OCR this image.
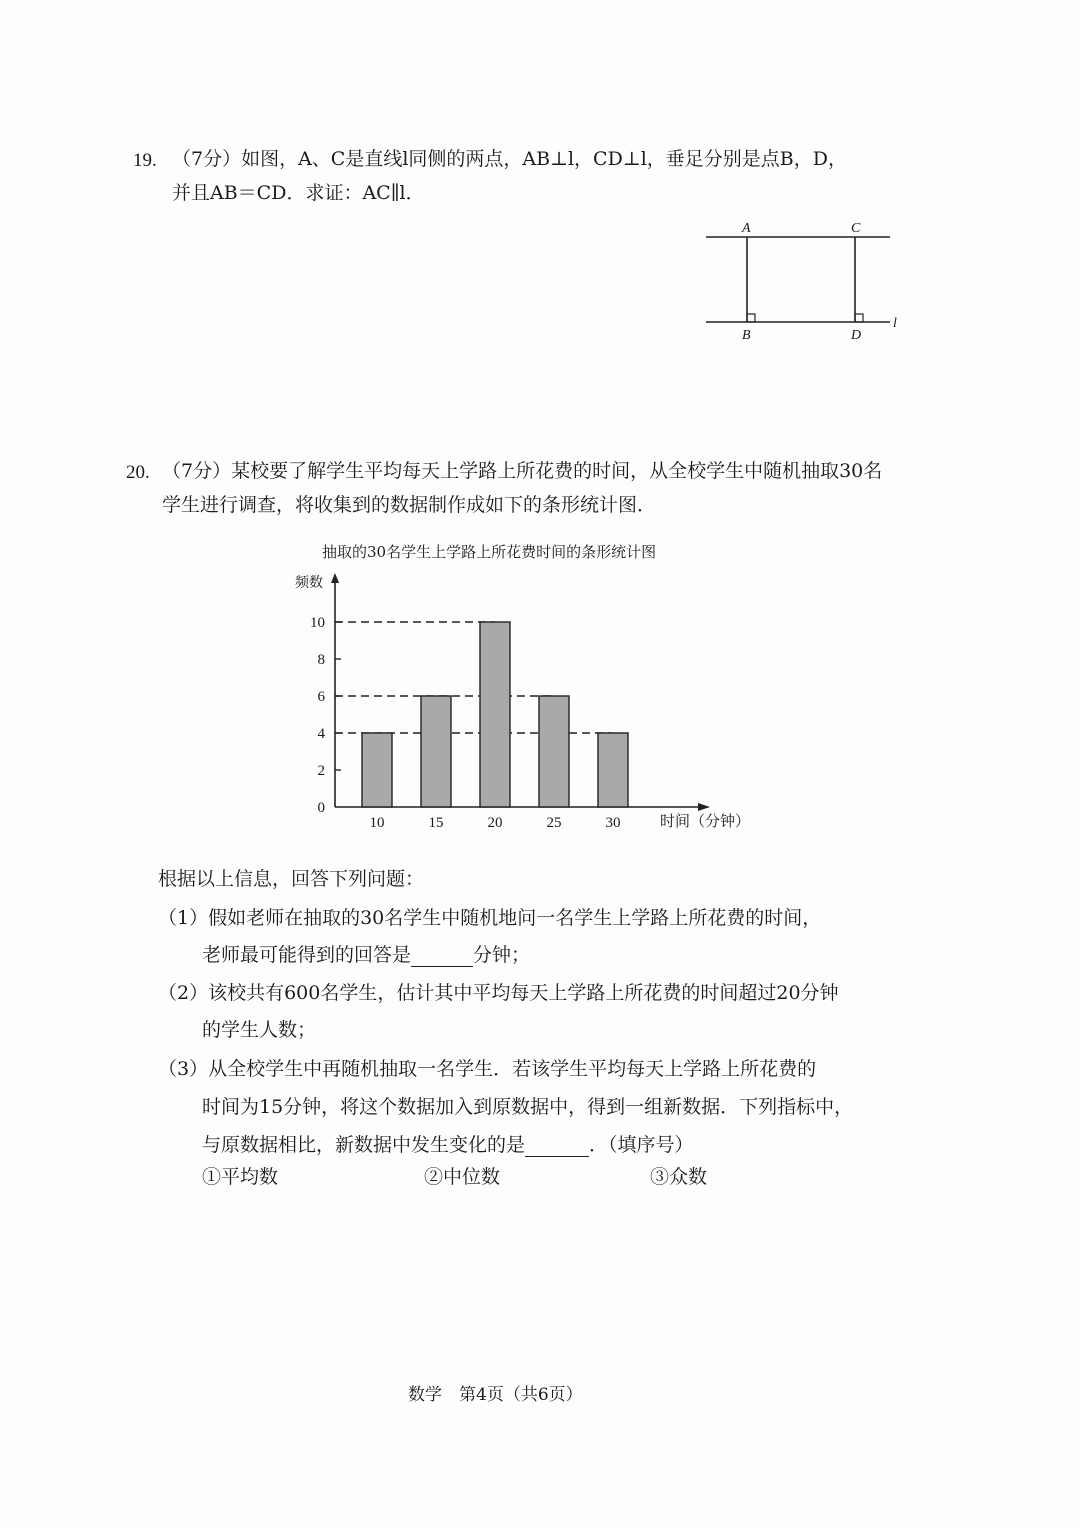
19. （7分）如图，A、C是直线l同侧的两点，AB⊥l，CD⊥l，垂足分别是点B，D，
并且AB＝CD．求证：AC∥l．
A	C
B	D
l
20. （7分）某校要了解学生平均每天上学路上所花费的时间，从全校学生中随机抽取30名
学生进行调查，将收集到的数据制作成如下的条形统计图．
抽取的30名学生上学路上所花费时间的条形统计图
频数
时间（分钟）
0
2
4
6
8
10
10	15	20	25	30
根据以上信息，回答下列问题：
（1）假如老师在抽取的30名学生中随机地问一名学生上学路上所花费的时间，
老师最可能得到的回答是	分钟；
（2）该校共有600名学生，估计其中平均每天上学路上所花费的时间超过20分钟
的学生人数；
（3）从全校学生中再随机抽取一名学生．若该学生平均每天上学路上所花费的
时间为15分钟，将这个数据加入到原数据中，得到一组新数据．下列指标中，
与原数据相比，新数据中发生变化的是	．（填序号）
①平均数	②中位数	③众数
数学　第4页（共6页）
